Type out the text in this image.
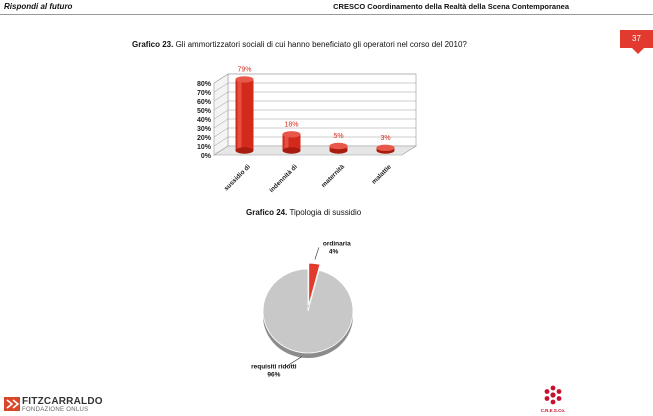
Rispondi al futuro	CRESCO Coordinamento della Realtà della Scena Contemporanea
37
Grafico 23. Gli ammortizzatori sociali di cui hanno beneficiato gli operatori nel corso del 2010?
Grafico 24. Tipologia di sussidio
0%
10%
20%
30%
40%
50%
60%
70%
80%
79%
sussidio di
18%
indennità di
5%
maternità
3%
malattie
ordinaria
4%
requisiti ridotti
96%
FITZCARRALDO
FONDAZIONE ONLUS	C.R.E.S.Co.
